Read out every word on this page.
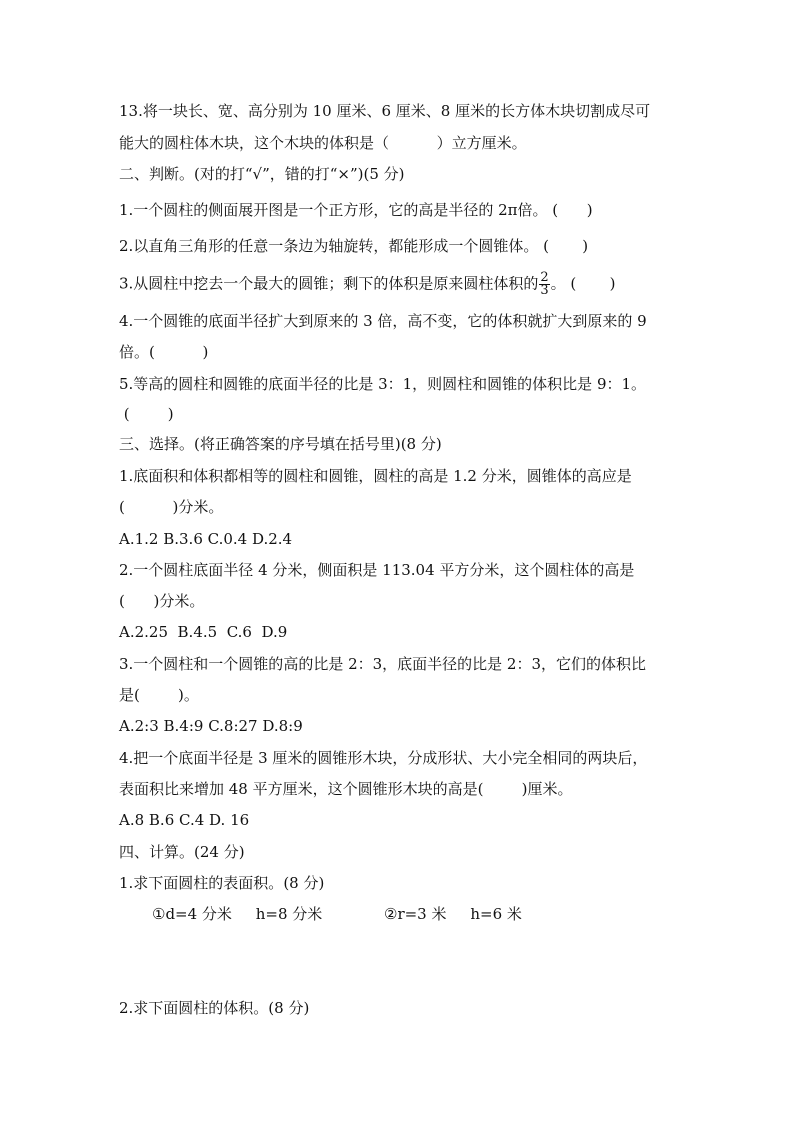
13.将一块长、宽、高分别为 10 厘米、6 厘米、8 厘米的长方体木块切割成尽可
能大的圆柱体木块，这个木块的体积是（          ）立方厘米。
二、判断。(对的打“√”，错的打“×”)(5 分)
1.一个圆柱的侧面展开图是一个正方形，它的高是半径的 2π倍。 (      )
2.以直角三角形的任意一条边为轴旋转，都能形成一个圆锥体。 (       )
3.从圆柱中挖去一个最大的圆锥；剩下的体积是原来圆柱体积的 $\frac{2}{3}$ 。 (       )
4.一个圆锥的底面半径扩大到原来的 3 倍，高不变，它的体积就扩大到原来的 9
倍。(          )
5.等高的圆柱和圆锥的底面半径的比是 3：1，则圆柱和圆锥的体积比是 9：1。
(        )
三、选择。(将正确答案的序号填在括号里)(8 分)
1.底面积和体积都相等的圆柱和圆锥，圆柱的高是 1.2 分米，圆锥体的高应是
(          )分米。
A.1.2 B.3.6 C.0.4 D.2.4
2.一个圆柱底面半径 4 分米，侧面积是 113.04 平方分米，这个圆柱体的高是
(      )分米。
A.2.25  B.4.5  C.6  D.9
3.一个圆柱和一个圆锥的高的比是 2：3，底面半径的比是 2：3，它们的体积比
是(        )。
A.2:3 B.4:9 C.8:27 D.8:9
4.把一个底面半径是 3 厘米的圆锥形木块，分成形状、大小完全相同的两块后，
表面积比来增加 48 平方厘米，这个圆锥形木块的高是(        )厘米。
A.8 B.6 C.4 D. 16
四、计算。(24 分)
1.求下面圆柱的表面积。(8 分)
①d=4 分米     h=8 分米	②r=3 米     h=6 米
2.求下面圆柱的体积。(8 分)
